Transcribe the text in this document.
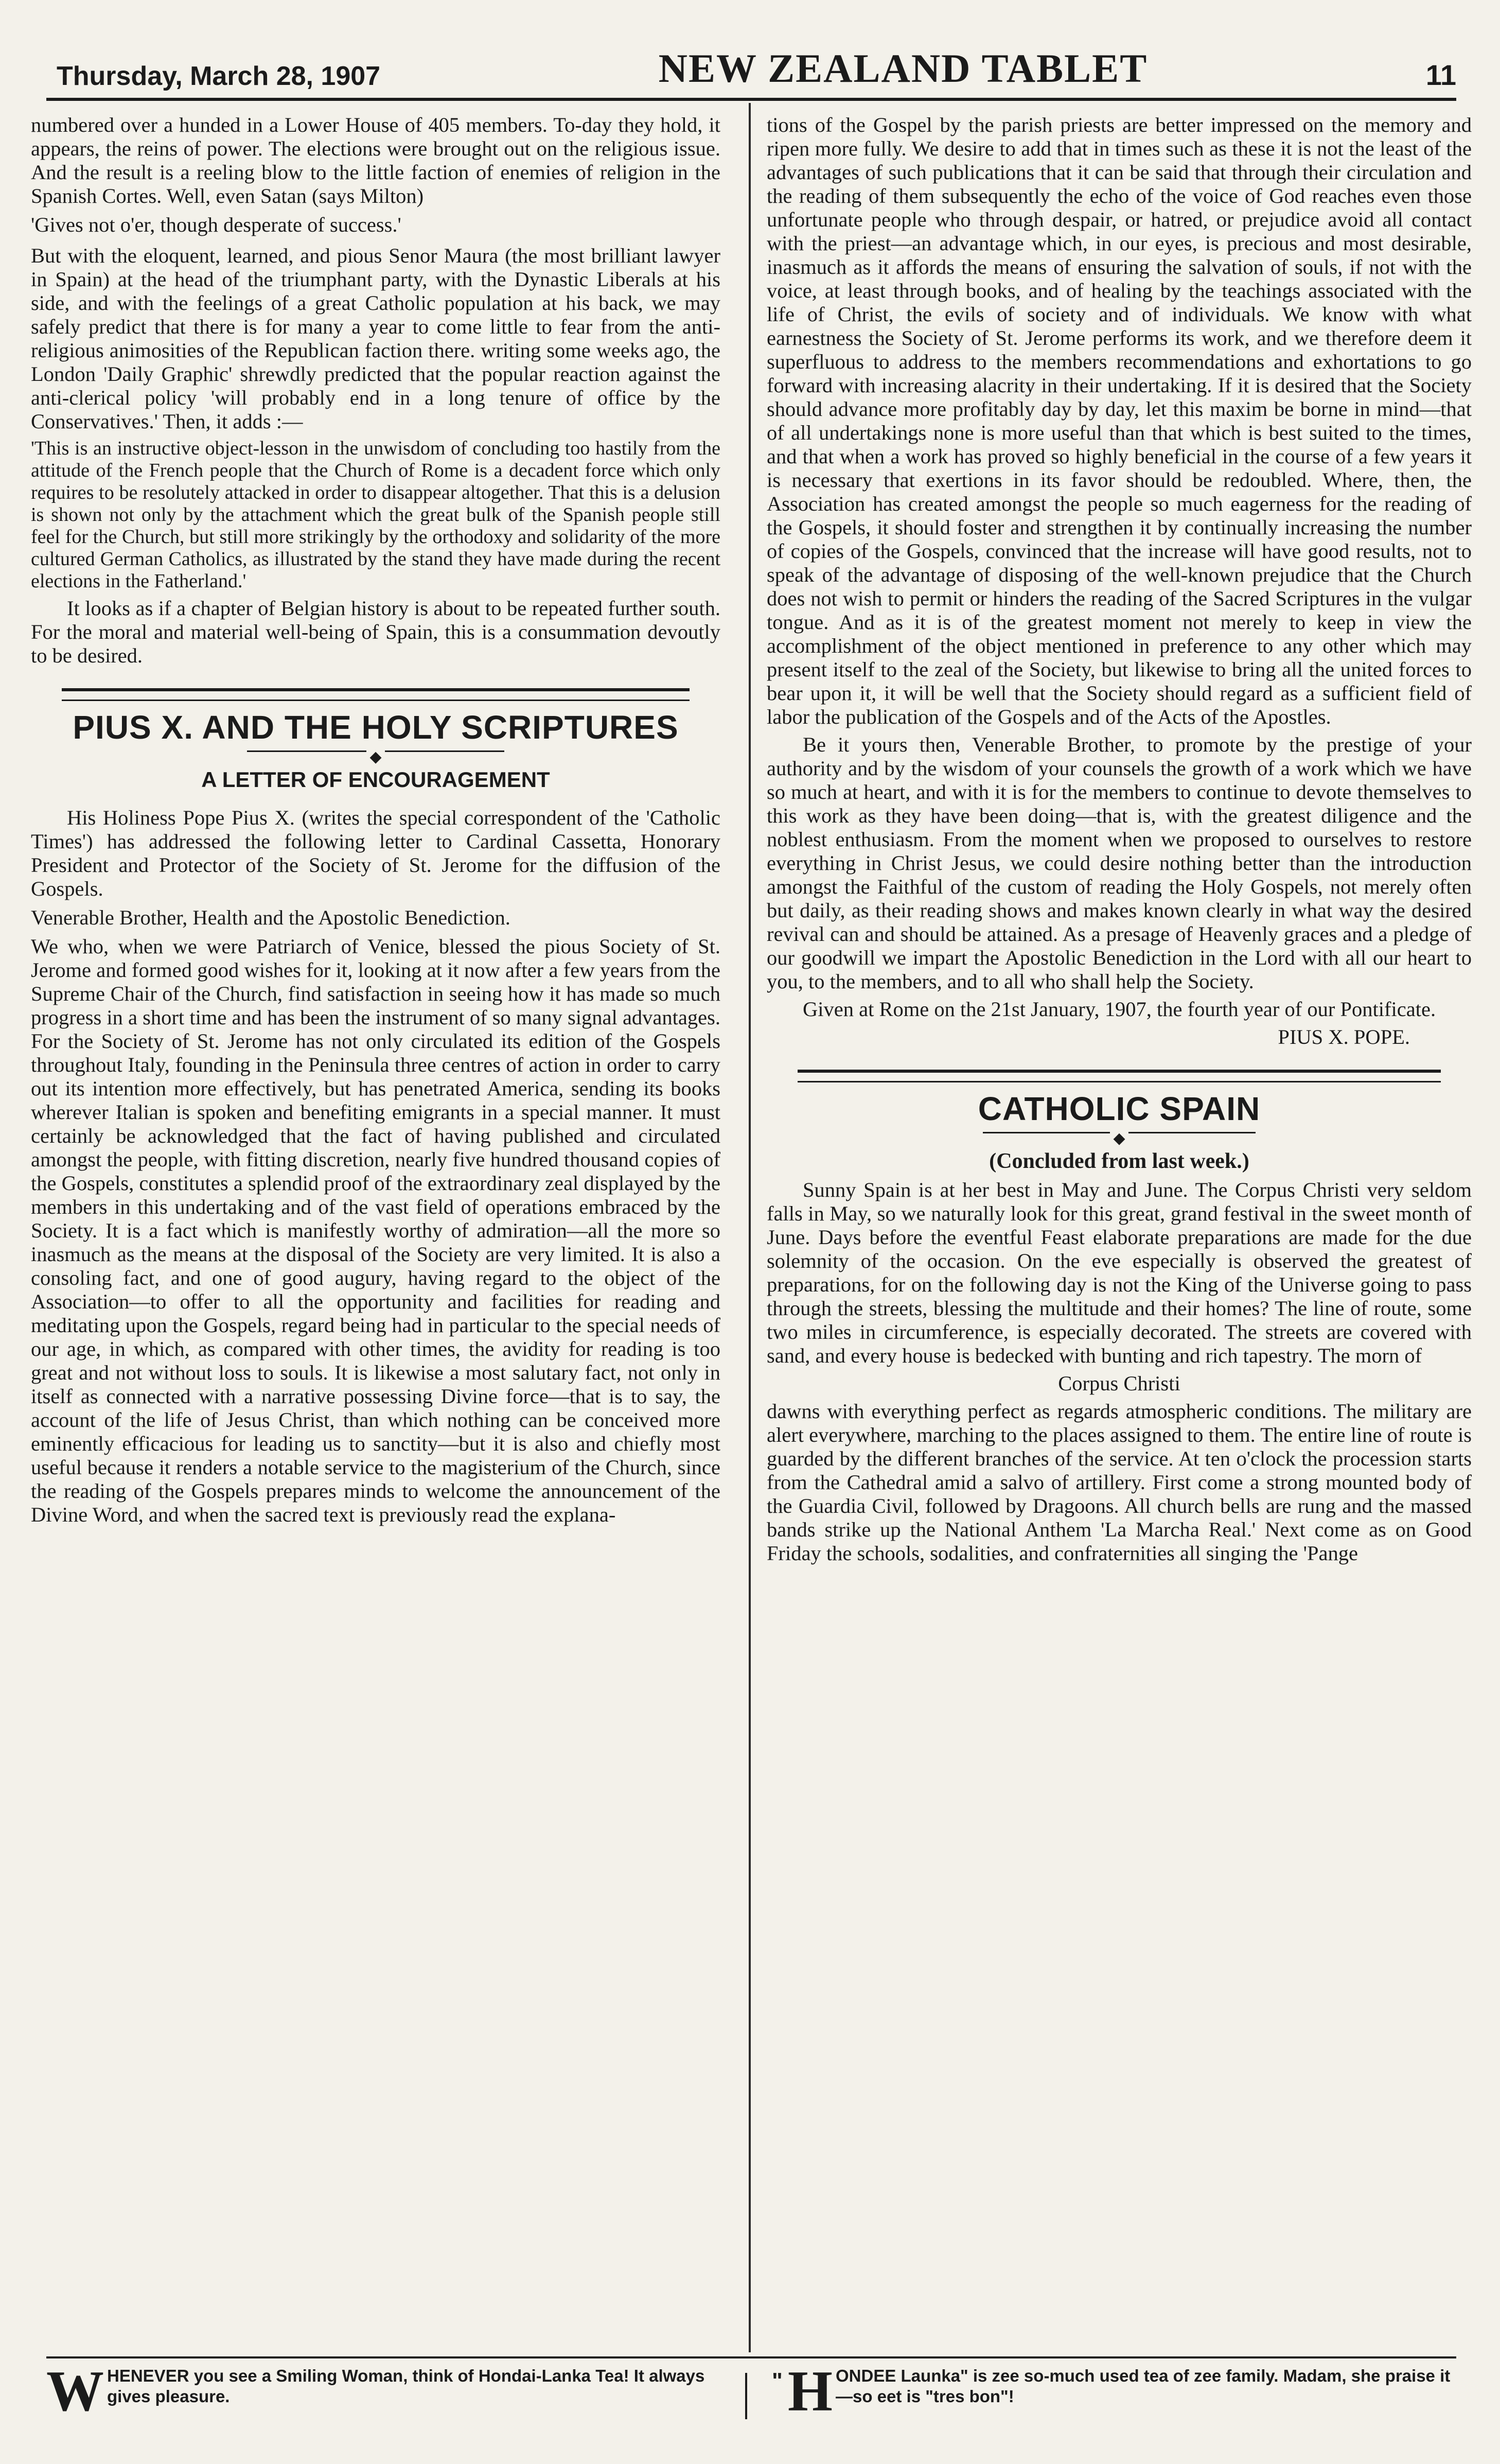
Thursday, March 28, 1907	NEW ZEALAND TABLET	11

numbered over a hunded in a Lower House of 405 members. To-day they hold, it appears, the reins of power. The elections were brought out on the religious issue. And the result is a reeling blow to the little faction of enemies of religion in the Spanish Cortes. Well, even Satan (says Milton)

'Gives not o'er, though desperate of success.'

But with the eloquent, learned, and pious Senor Maura (the most brilliant lawyer in Spain) at the head of the triumphant party, with the Dynastic Liberals at his side, and with the feelings of a great Catholic population at his back, we may safely predict that there is for many a year to come little to fear from the anti-religious animosities of the Republican faction there. writing some weeks ago, the London 'Daily Graphic' shrewdly predicted that the popular reaction against the anti-clerical policy 'will probably end in a long tenure of office by the Conservatives.' Then, it adds :—

'This is an instructive object-lesson in the unwisdom of concluding too hastily from the attitude of the French people that the Church of Rome is a decadent force which only requires to be resolutely attacked in order to disappear altogether. That this is a delusion is shown not only by the attachment which the great bulk of the Spanish people still feel for the Church, but still more strikingly by the orthodoxy and solidarity of the more cultured German Catholics, as illustrated by the stand they have made during the recent elections in the Fatherland.'

It looks as if a chapter of Belgian history is about to be repeated further south. For the moral and material well-being of Spain, this is a consummation devoutly to be desired.

PIUS X. AND THE HOLY SCRIPTURES
◆
A LETTER OF ENCOURAGEMENT

His Holiness Pope Pius X. (writes the special correspondent of the 'Catholic Times') has addressed the following letter to Cardinal Cassetta, Honorary President and Protector of the Society of St. Jerome for the diffusion of the Gospels.

Venerable Brother, Health and the Apostolic Benediction.

We who, when we were Patriarch of Venice, blessed the pious Society of St. Jerome and formed good wishes for it, looking at it now after a few years from the Supreme Chair of the Church, find satisfaction in seeing how it has made so much progress in a short time and has been the instrument of so many signal advantages. For the Society of St. Jerome has not only circulated its edition of the Gospels throughout Italy, founding in the Peninsula three centres of action in order to carry out its intention more effectively, but has penetrated America, sending its books wherever Italian is spoken and benefiting emigrants in a special manner. It must certainly be acknowledged that the fact of having published and circulated amongst the people, with fitting discretion, nearly five hundred thousand copies of the Gospels, constitutes a splendid proof of the extraordinary zeal displayed by the members in this undertaking and of the vast field of operations embraced by the Society. It is a fact which is manifestly worthy of admiration—all the more so inasmuch as the means at the disposal of the Society are very limited. It is also a consoling fact, and one of good augury, having regard to the object of the Association—to offer to all the opportunity and facilities for reading and meditating upon the Gospels, regard being had in particular to the special needs of our age, in which, as compared with other times, the avidity for reading is too great and not without loss to souls. It is likewise a most salutary fact, not only in itself as connected with a narrative possessing Divine force—that is to say, the account of the life of Jesus Christ, than which nothing can be conceived more eminently efficacious for leading us to sanctity—but it is also and chiefly most useful because it renders a notable service to the magisterium of the Church, since the reading of the Gospels prepares minds to welcome the announcement of the Divine Word, and when the sacred text is previously read the explana-

tions of the Gospel by the parish priests are better impressed on the memory and ripen more fully. We desire to add that in times such as these it is not the least of the advantages of such publications that it can be said that through their circulation and the reading of them subsequently the echo of the voice of God reaches even those unfortunate people who through despair, or hatred, or prejudice avoid all contact with the priest—an advantage which, in our eyes, is precious and most desirable, inasmuch as it affords the means of ensuring the salvation of souls, if not with the voice, at least through books, and of healing by the teachings associated with the life of Christ, the evils of society and of individuals. We know with what earnestness the Society of St. Jerome performs its work, and we therefore deem it superfluous to address to the members recommendations and exhortations to go forward with increasing alacrity in their undertaking. If it is desired that the Society should advance more profitably day by day, let this maxim be borne in mind—that of all undertakings none is more useful than that which is best suited to the times, and that when a work has proved so highly beneficial in the course of a few years it is necessary that exertions in its favor should be redoubled. Where, then, the Association has created amongst the people so much eagerness for the reading of the Gospels, it should foster and strengthen it by continually increasing the number of copies of the Gospels, convinced that the increase will have good results, not to speak of the advantage of disposing of the well-known prejudice that the Church does not wish to permit or hinders the reading of the Sacred Scriptures in the vulgar tongue. And as it is of the greatest moment not merely to keep in view the accomplishment of the object mentioned in preference to any other which may present itself to the zeal of the Society, but likewise to bring all the united forces to bear upon it, it will be well that the Society should regard as a sufficient field of labor the publication of the Gospels and of the Acts of the Apostles.

Be it yours then, Venerable Brother, to promote by the prestige of your authority and by the wisdom of your counsels the growth of a work which we have so much at heart, and with it is for the members to continue to devote themselves to this work as they have been doing—that is, with the greatest diligence and the noblest enthusiasm. From the moment when we proposed to ourselves to restore everything in Christ Jesus, we could desire nothing better than the introduction amongst the Faithful of the custom of reading the Holy Gospels, not merely often but daily, as their reading shows and makes known clearly in what way the desired revival can and should be attained. As a presage of Heavenly graces and a pledge of our goodwill we impart the Apostolic Benediction in the Lord with all our heart to you, to the members, and to all who shall help the Society.

Given at Rome on the 21st January, 1907, the fourth year of our Pontificate.

PIUS X. POPE.

CATHOLIC SPAIN
◆
(Concluded from last week.)

Sunny Spain is at her best in May and June. The Corpus Christi very seldom falls in May, so we naturally look for this great, grand festival in the sweet month of June. Days before the eventful Feast elaborate preparations are made for the due solemnity of the occasion. On the eve especially is observed the greatest of preparations, for on the following day is not the King of the Universe going to pass through the streets, blessing the multitude and their homes? The line of route, some two miles in circumference, is especially decorated. The streets are covered with sand, and every house is bedecked with bunting and rich tapestry. The morn of

Corpus Christi

dawns with everything perfect as regards atmospheric conditions. The military are alert everywhere, marching to the places assigned to them. The entire line of route is guarded by the different branches of the service. At ten o'clock the procession starts from the Cathedral amid a salvo of artillery. First come a strong mounted body of the Guardia Civil, followed by Dragoons. All church bells are rung and the massed bands strike up the National Anthem 'La Marcha Real.' Next come as on Good Friday the schools, sodalities, and confraternities all singing the 'Pange

W HENEVER you see a Smiling Woman, think of Hondai-Lanka Tea! It always gives pleasure.
" H ONDEE Launka" is zee so-much used tea of zee family. Madam, she praise it—so eet is "tres bon"!
